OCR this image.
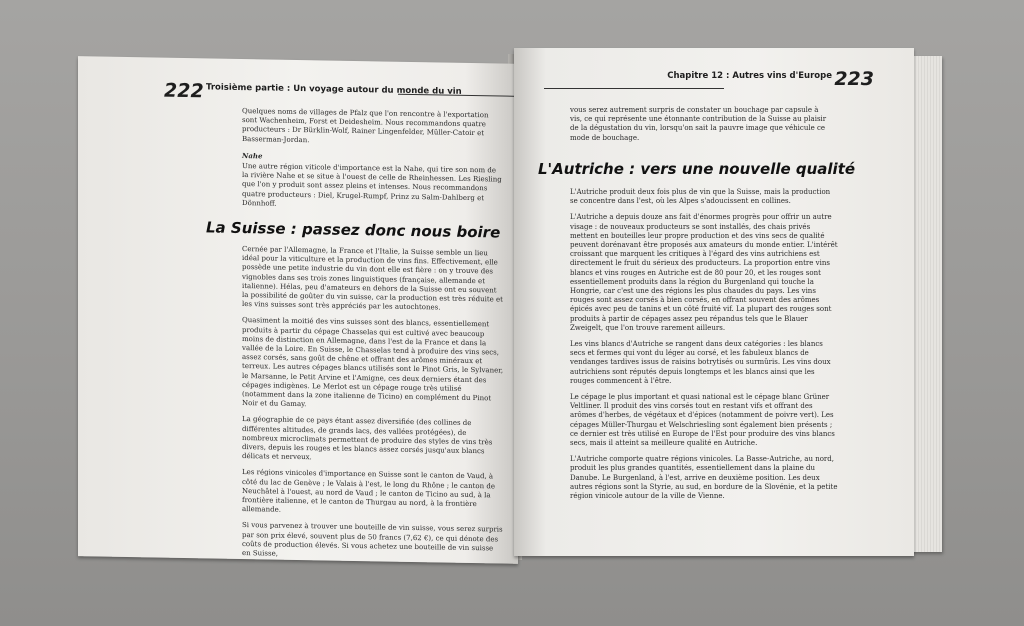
222 Troisième partie : Un voyage autour du monde du vin

Quelques noms de villages de Pfalz que l'on rencontre à l'exportation sont Wachenheim, Forst et Deidesheim. Nous recommandons quatre producteurs : Dr Bürklin-Wolf, Rainer Lingenfelder, Müller-Catoir et Basserman-Jordan.

Nahe

Une autre région viticole d'importance est la Nahe, qui tire son nom de la rivière Nahe et se situe à l'ouest de celle de Rheinhessen. Les Riesling que l'on y produit sont assez pleins et intenses. Nous recommandons quatre producteurs : Diel, Krugel-Rumpf, Prinz zu Salm-Dahlberg et Dönnhoff.

La Suisse : passez donc nous boire

Cernée par l'Allemagne, la France et l'Italie, la Suisse semble un lieu idéal pour la viticulture et la production de vins fins. Effectivement, elle possède une petite industrie du vin dont elle est fière : on y trouve des vignobles dans ses trois zones linguistiques (française, allemande et italienne). Hélas, peu d'amateurs en dehors de la Suisse ont eu souvent la possibilité de goûter du vin suisse, car la production est très réduite et les vins suisses sont très appréciés par les autochtones.

Quasiment la moitié des vins suisses sont des blancs, essentiellement produits à partir du cépage Chasselas qui est cultivé avec beaucoup moins de distinction en Allemagne, dans l'est de la France et dans la vallée de la Loire. En Suisse, le Chasselas tend à produire des vins secs, assez corsés, sans goût de chêne et offrant des arômes minéraux et terreux. Les autres cépages blancs utilisés sont le Pinot Gris, le Sylvaner, le Marsanne, le Petit Arvine et l'Amigne, ces deux derniers étant des cépages indigènes. Le Merlot est un cépage rouge très utilisé (notamment dans la zone italienne de Ticino) en complément du Pinot Noir et du Gamay.

La géographie de ce pays étant assez diversifiée (des collines de différentes altitudes, de grands lacs, des vallées protégées), de nombreux microclimats permettent de produire des styles de vins très divers, depuis les rouges et les blancs assez corsés jusqu'aux blancs délicats et nerveux.

Les régions vinicoles d'importance en Suisse sont le canton de Vaud, à côté du lac de Genève ; le Valais à l'est, le long du Rhône ; le canton de Neuchâtel à l'ouest, au nord de Vaud ; le canton de Ticino au sud, à la frontière italienne, et le canton de Thurgau au nord, à la frontière allemande.

Si vous parvenez à trouver une bouteille de vin suisse, vous serez surpris par son prix élevé, souvent plus de 50 francs (7,62 €), ce qui dénote des coûts de production élevés. Si vous achetez une bouteille de vin suisse en Suisse,

Chapitre 12 : Autres vins d'Europe 223

vous serez autrement surpris de constater un bouchage par capsule à vis, ce qui représente une étonnante contribution de la Suisse au plaisir de la dégustation du vin, lorsqu'on sait la pauvre image que véhicule ce mode de bouchage.

L'Autriche : vers une nouvelle qualité

L'Autriche produit deux fois plus de vin que la Suisse, mais la production se concentre dans l'est, où les Alpes s'adoucissent en collines.

L'Autriche a depuis douze ans fait d'énormes progrès pour offrir un autre visage : de nouveaux producteurs se sont installés, des chais privés mettent en bouteilles leur propre production et des vins secs de qualité peuvent dorénavant être proposés aux amateurs du monde entier. L'intérêt croissant que marquent les critiques à l'égard des vins autrichiens est directement le fruit du sérieux des producteurs. La proportion entre vins blancs et vins rouges en Autriche est de 80 pour 20, et les rouges sont essentiellement produits dans la région du Burgenland qui touche la Hongrie, car c'est une des régions les plus chaudes du pays. Les vins rouges sont assez corsés à bien corsés, en offrant souvent des arômes épicés avec peu de tanins et un côté fruité vif. La plupart des rouges sont produits à partir de cépages assez peu répandus tels que le Blauer Zweigelt, que l'on trouve rarement ailleurs.

Les vins blancs d'Autriche se rangent dans deux catégories : les blancs secs et fermes qui vont du léger au corsé, et les fabuleux blancs de vendanges tardives issus de raisins botrytisés ou surmûris. Les vins doux autrichiens sont réputés depuis longtemps et les blancs ainsi que les rouges commencent à l'être.

Le cépage le plus important et quasi national est le cépage blanc Grüner Veltliner. Il produit des vins corsés tout en restant vifs et offrant des arômes d'herbes, de végétaux et d'épices (notamment de poivre vert). Les cépages Müller-Thurgau et Welschriesling sont également bien présents ; ce dernier est très utilisé en Europe de l'Est pour produire des vins blancs secs, mais il atteint sa meilleure qualité en Autriche.

L'Autriche comporte quatre régions vinicoles. La Basse-Autriche, au nord, produit les plus grandes quantités, essentiellement dans la plaine du Danube. Le Burgenland, à l'est, arrive en deuxième position. Les deux autres régions sont la Styrie, au sud, en bordure de la Slovénie, et la petite région vinicole autour de la ville de Vienne.
